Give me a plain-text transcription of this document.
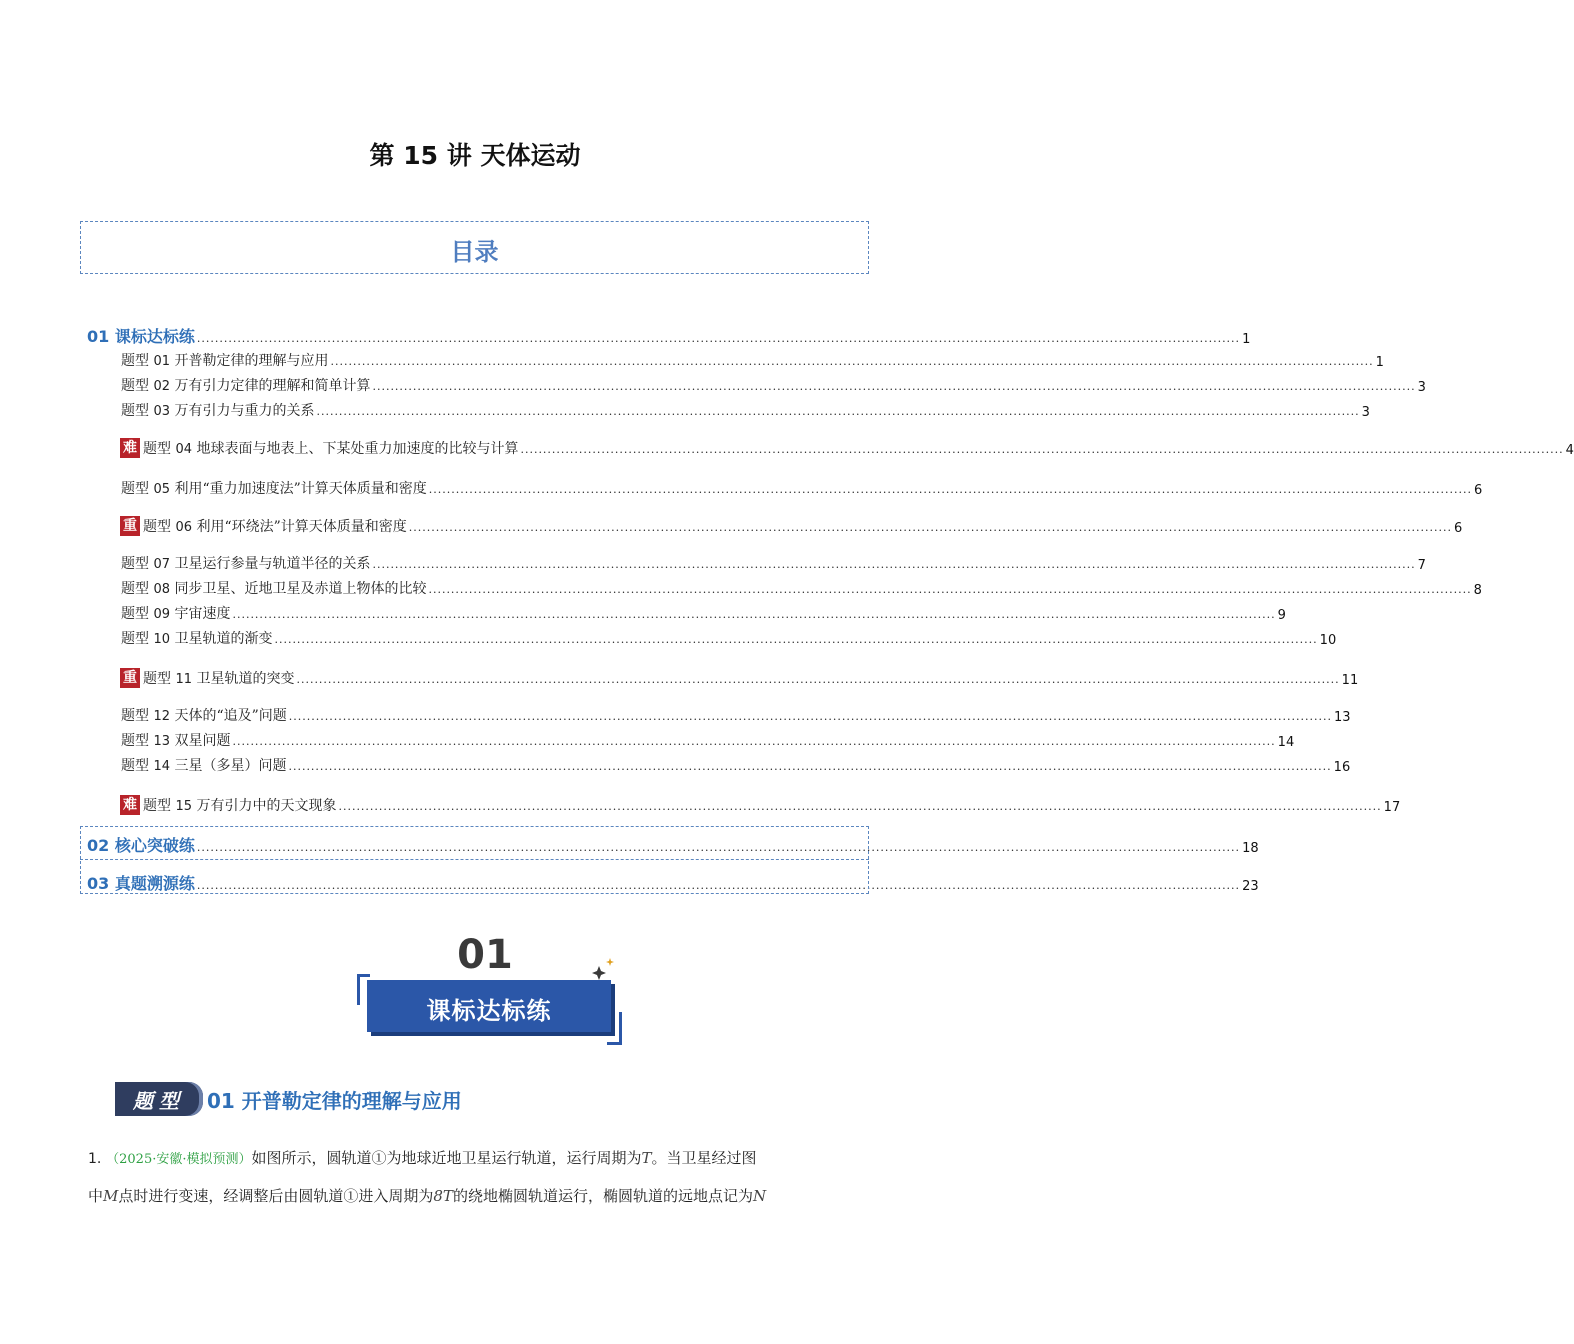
第 15 讲 天体运动
目录
01 课标达标练 ........................................................................................................................................................................................................................................ 1
02 核心突破练 ........................................................................................................................................................................................................................................ 18
03 真题溯源练 ........................................................................................................................................................................................................................................ 23
题型 01 开普勒定律的理解与应用 ........................................................................................................................................................................................................................................ 1
题型 02 万有引力定律的理解和简单计算 ........................................................................................................................................................................................................................................ 3
题型 03 万有引力与重力的关系 ........................................................................................................................................................................................................................................ 3
难 题型 04 地球表面与地表上、下某处重力加速度的比较与计算 ........................................................................................................................................................................................................................................ 4
题型 05 利用“重力加速度法”计算天体质量和密度 ........................................................................................................................................................................................................................................ 6
重 题型 06 利用“环绕法”计算天体质量和密度 ........................................................................................................................................................................................................................................ 6
题型 07 卫星运行参量与轨道半径的关系 ........................................................................................................................................................................................................................................ 7
题型 08 同步卫星、近地卫星及赤道上物体的比较 ........................................................................................................................................................................................................................................ 8
题型 09 宇宙速度 ........................................................................................................................................................................................................................................ 9
题型 10 卫星轨道的渐变 ........................................................................................................................................................................................................................................ 10
重 题型 11 卫星轨道的突变 ........................................................................................................................................................................................................................................ 11
题型 12 天体的“追及”问题 ........................................................................................................................................................................................................................................ 13
题型 13 双星问题 ........................................................................................................................................................................................................................................ 14
题型 14 三星（多星）问题 ........................................................................................................................................................................................................................................ 16
难 题型 15 万有引力中的天文现象 ........................................................................................................................................................................................................................................ 17
01
课标达标练
题型	01 开普勒定律的理解与应用
1. （2025·安徽·模拟预测）如图所示，圆轨道①为地球近地卫星运行轨道，运行周期为T。当卫星经过图
中M点时进行变速，经调整后由圆轨道①进入周期为8T的绕地椭圆轨道运行，椭圆轨道的远地点记为N
